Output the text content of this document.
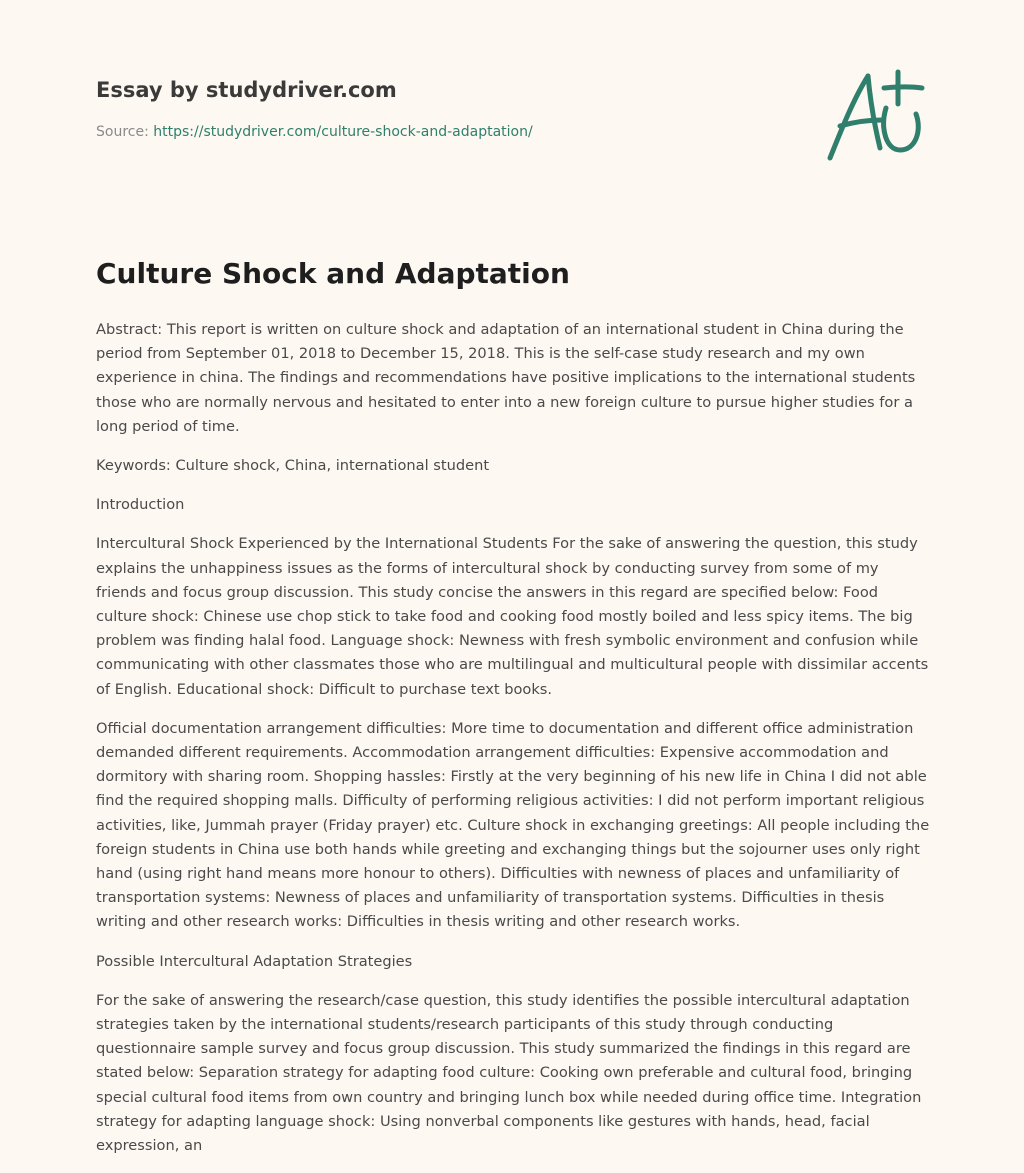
Essay by studydriver.com
Source: https://studydriver.com/culture-shock-and-adaptation/
Culture Shock and Adaptation

Abstract: This report is written on culture shock and adaptation of an international student in China during the period from September 01, 2018 to December 15, 2018. This is the self-case study research and my own experience in china. The findings and recommendations have positive implications to the international students those who are normally nervous and hesitated to enter into a new foreign culture to pursue higher studies for a long period of time.

Keywords: Culture shock, China, international student

Introduction

Intercultural Shock Experienced by the International Students For the sake of answering the question, this study explains the unhappiness issues as the forms of intercultural shock by conducting survey from some of my friends and focus group discussion. This study concise the answers in this regard are specified below: Food culture shock: Chinese use chop stick to take food and cooking food mostly boiled and less spicy items. The big problem was finding halal food. Language shock: Newness with fresh symbolic environment and confusion while communicating with other classmates those who are multilingual and multicultural people with dissimilar accents of English. Educational shock: Difficult to purchase text books.

Official documentation arrangement difficulties: More time to documentation and different office administration demanded different requirements. Accommodation arrangement difficulties: Expensive accommodation and dormitory with sharing room. Shopping hassles: Firstly at the very beginning of his new life in China I did not able find the required shopping malls. Difficulty of performing religious activities: I did not perform important religious activities, like, Jummah prayer (Friday prayer) etc. Culture shock in exchanging greetings: All people including the foreign students in China use both hands while greeting and exchanging things but the sojourner uses only right hand (using right hand means more honour to others). Difficulties with newness of places and unfamiliarity of transportation systems: Newness of places and unfamiliarity of transportation systems. Difficulties in thesis writing and other research works: Difficulties in thesis writing and other research works.

Possible Intercultural Adaptation Strategies

For the sake of answering the research/case question, this study identifies the possible intercultural adaptation strategies taken by the international students/research participants of this study through conducting questionnaire sample survey and focus group discussion. This study summarized the findings in this regard are stated below: Separation strategy for adapting food culture: Cooking own preferable and cultural food, bringing special cultural food items from own country and bringing lunch box while needed during office time. Integration strategy for adapting language shock: Using nonverbal components like gestures with hands, head, facial expression, an
